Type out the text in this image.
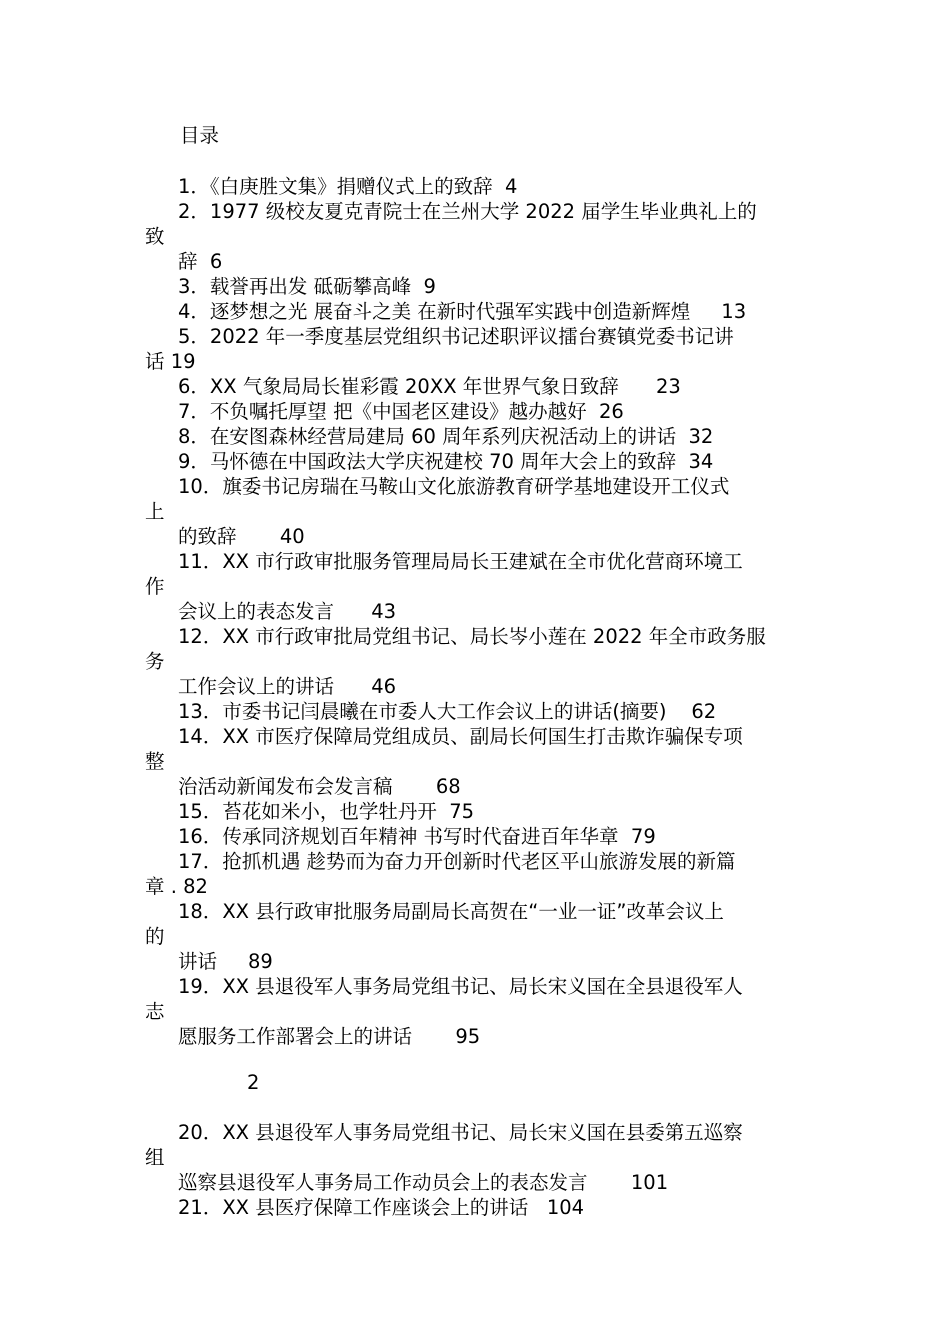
目录
1．《白庚胜文集》捐赠仪式上的致辞  4
2．1977 级校友夏克青院士在兰州大学 2022 届学生毕业典礼上的
致
辞  6
3．载誉再出发 砥砺攀高峰  9
4．逐梦想之光 展奋斗之美 在新时代强军实践中创造新辉煌     13
5．2022 年一季度基层党组织书记述职评议擂台赛镇党委书记讲
话 19
6．XX 气象局局长崔彩霞 20XX 年世界气象日致辞      23
7．不负嘱托厚望 把《中国老区建设》越办越好  26
8．在安图森林经营局建局 60 周年系列庆祝活动上的讲话  32
9．马怀德在中国政法大学庆祝建校 70 周年大会上的致辞  34
10．旗委书记房瑞在马鞍山文化旅游教育研学基地建设开工仪式
上
的致辞       40
11．XX 市行政审批服务管理局局长王建斌在全市优化营商环境工
作
会议上的表态发言      43
12．XX 市行政审批局党组书记、局长岑小莲在 2022 年全市政务服
务
工作会议上的讲话      46
13．市委书记闫晨曦在市委人大工作会议上的讲话(摘要)    62
14．XX 市医疗保障局党组成员、副局长何国生打击欺诈骗保专项
整
治活动新闻发布会发言稿       68
15．苔花如米小，也学牡丹开  75
16．传承同济规划百年精神 书写时代奋进百年华章  79
17．抢抓机遇 趁势而为奋力开创新时代老区平山旅游发展的新篇
章 . 82
18．XX 县行政审批服务局副局长高贺在“一业一证”改革会议上
的
讲话     89
19．XX 县退役军人事务局党组书记、局长宋义国在全县退役军人
志
愿服务工作部署会上的讲话       95
20．XX 县退役军人事务局党组书记、局长宋义国在县委第五巡察
组
巡察县退役军人事务局工作动员会上的表态发言       101
21．XX 县医疗保障工作座谈会上的讲话   104
2
